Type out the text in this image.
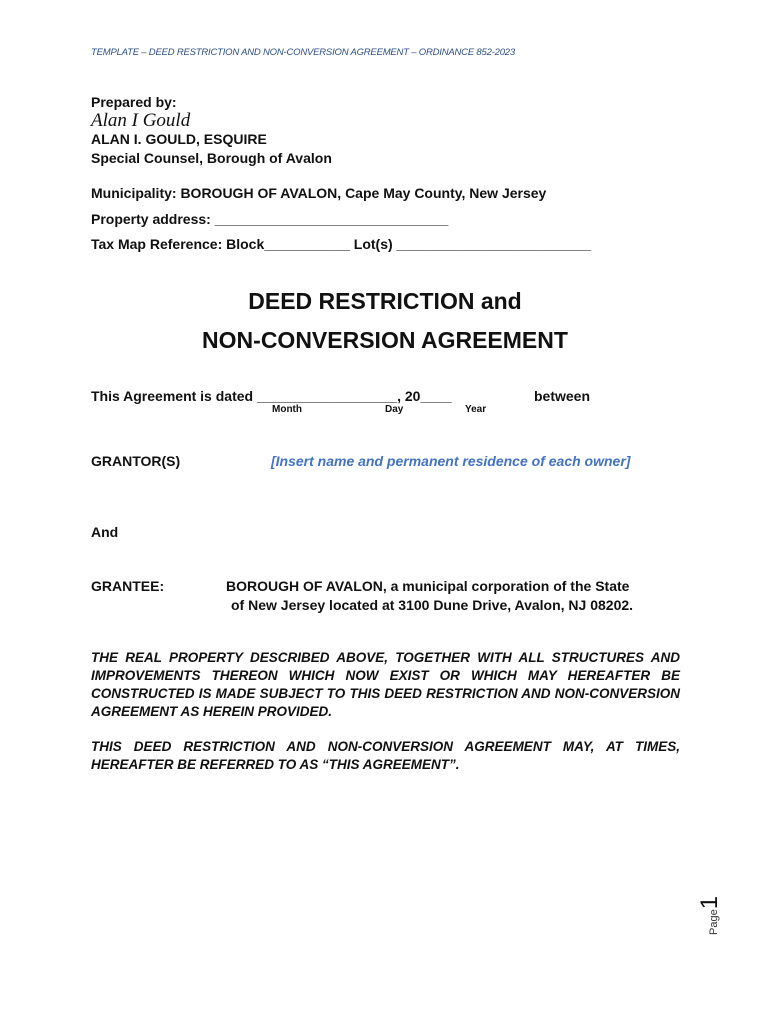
TEMPLATE – DEED RESTRICTION AND NON-CONVERSION AGREEMENT – ORDINANCE 852-2023
Prepared by:
Alan I Gould
ALAN I. GOULD, ESQUIRE
Special Counsel, Borough of Avalon
Municipality: BOROUGH OF AVALON, Cape May County, New Jersey
Property address: ______________________________
Tax Map Reference: Block___________ Lot(s) _________________________
DEED RESTRICTION and
NON-CONVERSION AGREEMENT
This Agreement is dated __________________, 20____	between
Month	Day	Year
GRANTOR(S)	[Insert name and permanent residence of each owner]
And
GRANTEE:	BOROUGH OF AVALON, a municipal corporation of the State
of New Jersey located at 3100 Dune Drive, Avalon, NJ 08202.
THE REAL PROPERTY DESCRIBED ABOVE, TOGETHER WITH ALL STRUCTURES AND IMPROVEMENTS THEREON WHICH NOW EXIST OR WHICH MAY HEREAFTER BE CONSTRUCTED IS MADE SUBJECT TO THIS DEED RESTRICTION AND NON-CONVERSION AGREEMENT AS HEREIN PROVIDED.
THIS DEED RESTRICTION AND NON-CONVERSION AGREEMENT MAY, AT TIMES, HEREAFTER BE REFERRED TO AS “THIS AGREEMENT”.
Page1
